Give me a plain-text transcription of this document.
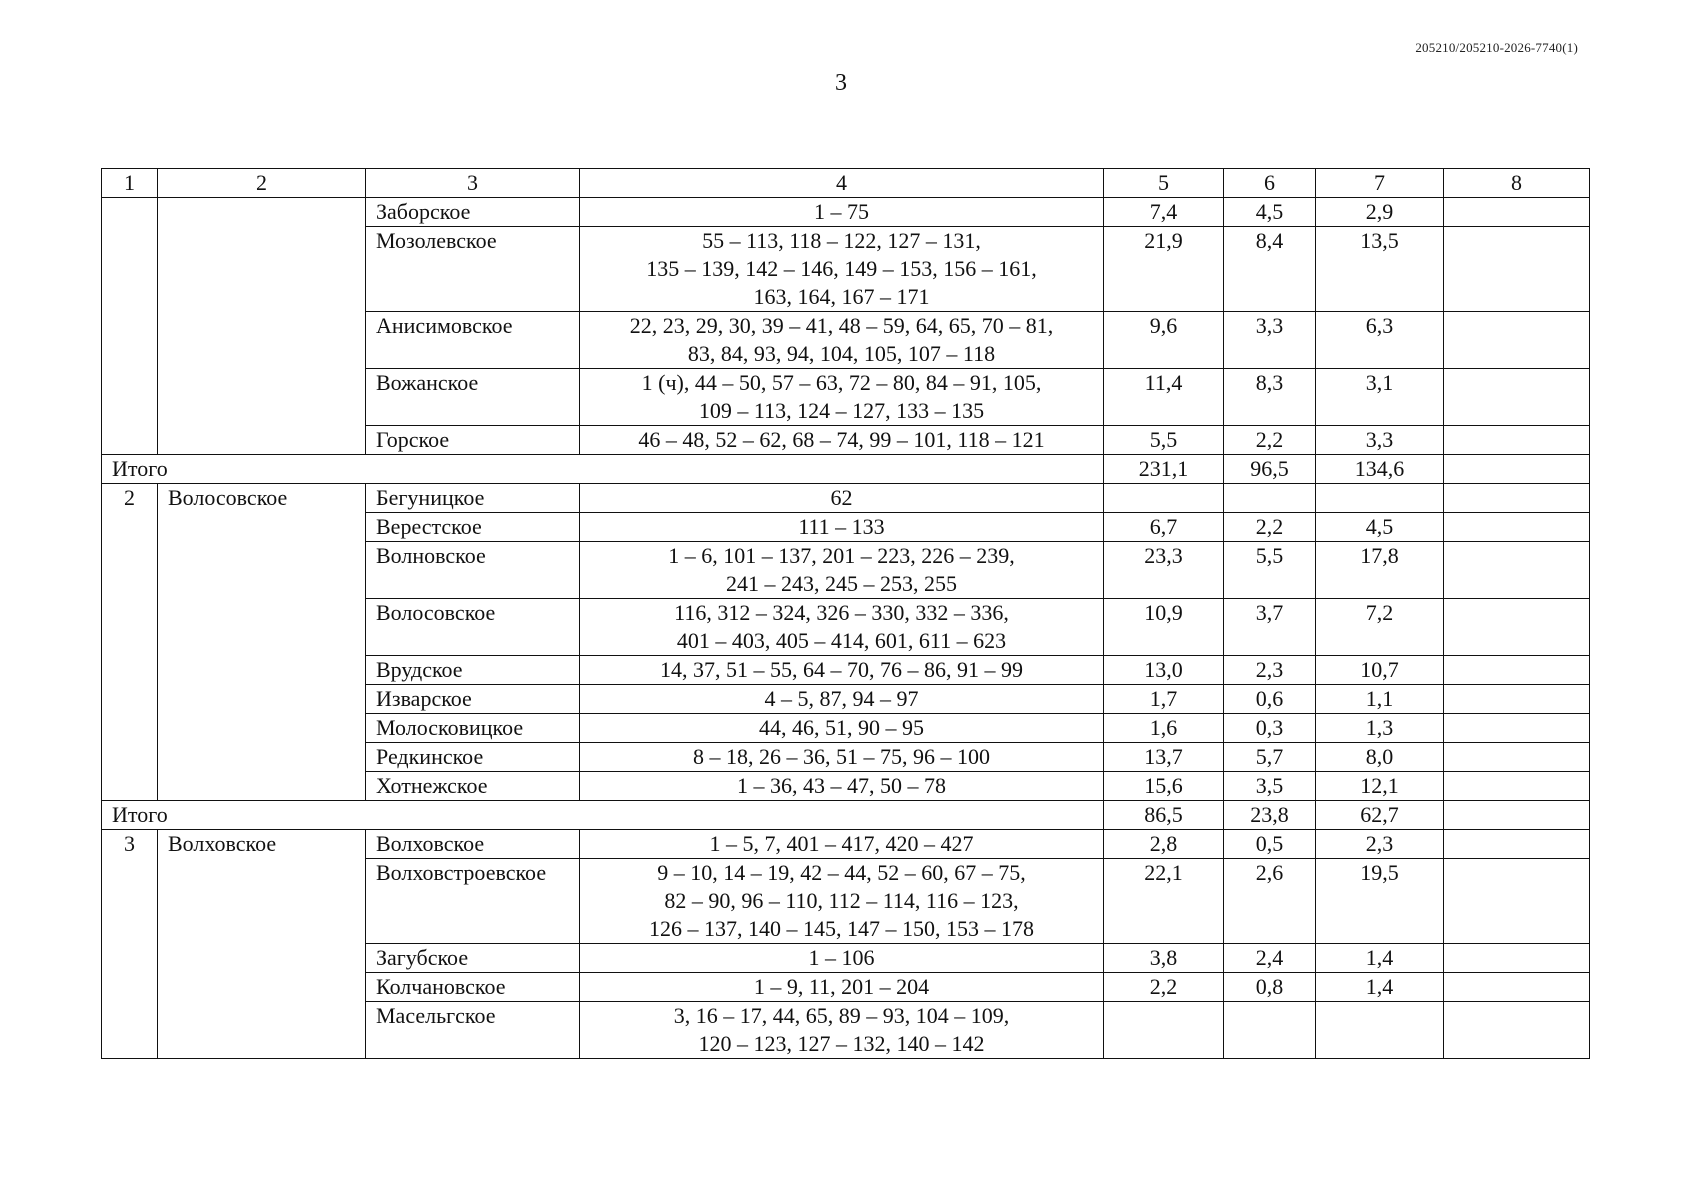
205210/205210-2026-7740(1)
3
1	2	3	4	5	6	7	8
		Заборское	1 – 75	7,4	4,5	2,9	
		Мозолевское	55 – 113, 118 – 122, 127 – 131,
135 – 139, 142 – 146, 149 – 153, 156 – 161,
163, 164, 167 – 171	21,9	8,4	13,5	
		Анисимовское	22, 23, 29, 30, 39 – 41, 48 – 59, 64, 65, 70 – 81,
83, 84, 93, 94, 104, 105, 107 – 118	9,6	3,3	6,3	
		Вожанское	1 (ч), 44 – 50, 57 – 63, 72 – 80, 84 – 91, 105,
109 – 113, 124 – 127, 133 – 135	11,4	8,3	3,1	
		Горское	46 – 48, 52 – 62, 68 – 74, 99 – 101, 118 – 121	5,5	2,2	3,3	
Итого				231,1	96,5	134,6	
2	Волосовское	Бегуницкое	62				

		Верестское	111 – 133	6,7	2,2	4,5	
		Волновское	1 – 6, 101 – 137, 201 – 223, 226 – 239,
241 – 243, 245 – 253, 255	23,3	5,5	17,8	
		Волосовское	116, 312 – 324, 326 – 330, 332 – 336,
401 – 403, 405 – 414, 601, 611 – 623	10,9	3,7	7,2	
		Врудское	14, 37, 51 – 55, 64 – 70, 76 – 86, 91 – 99	13,0	2,3	10,7	
		Изварское	4 – 5, 87, 94 – 97	1,7	0,6	1,1	
		Молосковицкое	44, 46, 51, 90 – 95	1,6	0,3	1,3	
		Редкинское	8 – 18, 26 – 36, 51 – 75, 96 – 100	13,7	5,7	8,0	
		Хотнежское	1 – 36, 43 – 47, 50 – 78	15,6	3,5	12,1	
Итого				86,5	23,8	62,7	
3	Волховское	Волховское	1 – 5, 7, 401 – 417, 420 – 427	2,8	0,5	2,3	
		Волховстроевское	9 – 10, 14 – 19, 42 – 44, 52 – 60, 67 – 75,
82 – 90, 96 – 110, 112 – 114, 116 – 123,
126 – 137, 140 – 145, 147 – 150, 153 – 178	22,1	2,6	19,5	
		Загубское	1 – 106	3,8	2,4	1,4	
		Колчановское	1 – 9, 11, 201 – 204	2,2	0,8	1,4	
		Масельгское	3, 16 – 17, 44, 65, 89 – 93, 104 – 109,
120 – 123, 127 – 132, 140 – 142				
